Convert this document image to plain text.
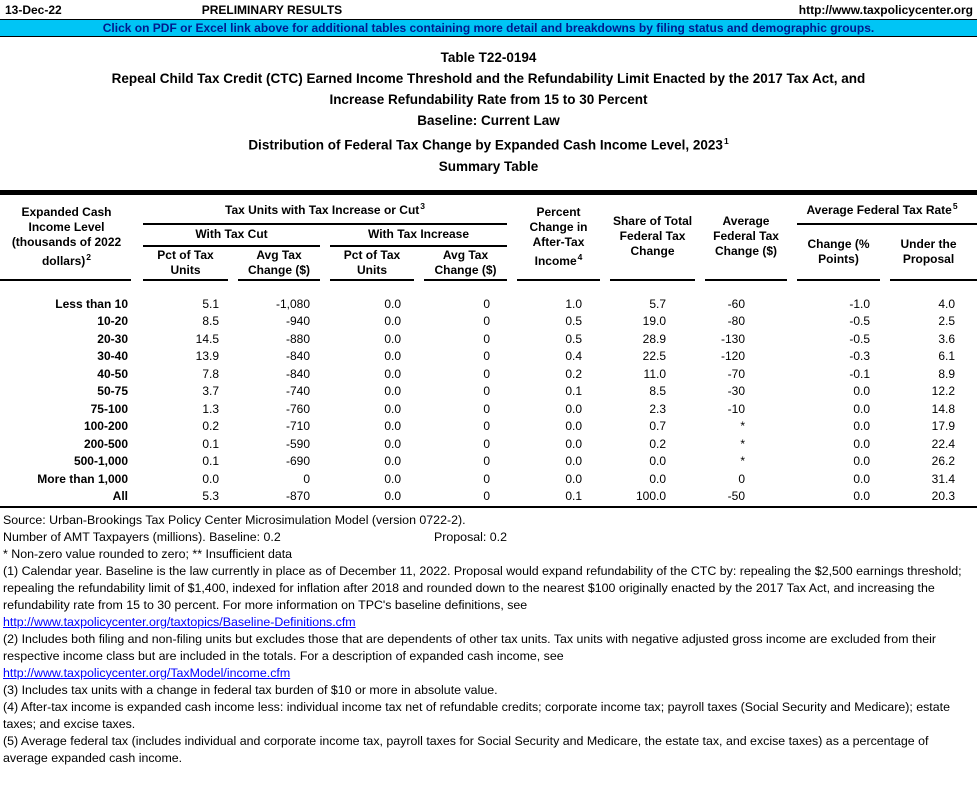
13-Dec-22	PRELIMINARY RESULTS	http://www.taxpolicycenter.org
Click on PDF or Excel link above for additional tables containing more detail and breakdowns by filing status and demographic groups.
Table T22-0194
Repeal Child Tax Credit (CTC) Earned Income Threshold and the Refundability Limit Enacted by the 2017 Tax Act, and
Increase Refundability Rate from 15 to 30 Percent
Baseline: Current Law
Distribution of Federal Tax Change by Expanded Cash Income Level, 2023$^1$
Summary Table
Expanded Cash Income Level (thousands of 2022 dollars)$^2$	Tax Units with Tax Increase or Cut$^3$				Percent Change in After-Tax Income$^4$	Share of Total Federal Tax Change	Average Federal Tax Change ($)	Average Federal Tax Rate$^5$

	With Tax Cut		With Tax Increase					Change (% Points)	Under the Proposal

	Pct of Tax Units	Avg Tax Change ($)	Pct of Tax Units	Avg Tax Change ($)					

Less than 10	5.1	-1,080	0.0	0	1.0	5.7	-60	-1.0	4.0
10-20	8.5	-940	0.0	0	0.5	19.0	-80	-0.5	2.5
20-30	14.5	-880	0.0	0	0.5	28.9	-130	-0.5	3.6
30-40	13.9	-840	0.0	0	0.4	22.5	-120	-0.3	6.1
40-50	7.8	-840	0.0	0	0.2	11.0	-70	-0.1	8.9
50-75	3.7	-740	0.0	0	0.1	8.5	-30	0.0	12.2
75-100	1.3	-760	0.0	0	0.0	2.3	-10	0.0	14.8
100-200	0.2	-710	0.0	0	0.0	0.7	*	0.0	17.9
200-500	0.1	-590	0.0	0	0.0	0.2	*	0.0	22.4
500-1,000	0.1	-690	0.0	0	0.0	0.0	*	0.0	26.2
More than 1,000	0.0	0	0.0	0	0.0	0.0	0	0.0	31.4
All	5.3	-870	0.0	0	0.1	100.0	-50	0.0	20.3
Source: Urban-Brookings Tax Policy Center Microsimulation Model (version 0722-2).
Number of AMT Taxpayers (millions). Baseline: 0.2	Proposal: 0.2
* Non-zero value rounded to zero; ** Insufficient data
(1) Calendar year. Baseline is the law currently in place as of December 11, 2022. Proposal would expand refundability of the CTC by: repealing the $2,500 earnings threshold; repealing the refundability limit of $1,400, indexed for inflation after 2018 and rounded down to the nearest $100 originally enacted by the 2017 Tax Act, and increasing the refundability rate from 15 to 30 percent. For more information on TPC's baseline definitions, see
http://www.taxpolicycenter.org/taxtopics/Baseline-Definitions.cfm
(2) Includes both filing and non-filing units but excludes those that are dependents of other tax units. Tax units with negative adjusted gross income are excluded from their respective income class but are included in the totals. For a description of expanded cash income, see
http://www.taxpolicycenter.org/TaxModel/income.cfm
(3) Includes tax units with a change in federal tax burden of $10 or more in absolute value.
(4) After-tax income is expanded cash income less: individual income tax net of refundable credits; corporate income tax; payroll taxes (Social Security and Medicare); estate taxes; and excise taxes.
(5) Average federal tax (includes individual and corporate income tax, payroll taxes for Social Security and Medicare, the estate tax, and excise taxes) as a percentage of average expanded cash income.
